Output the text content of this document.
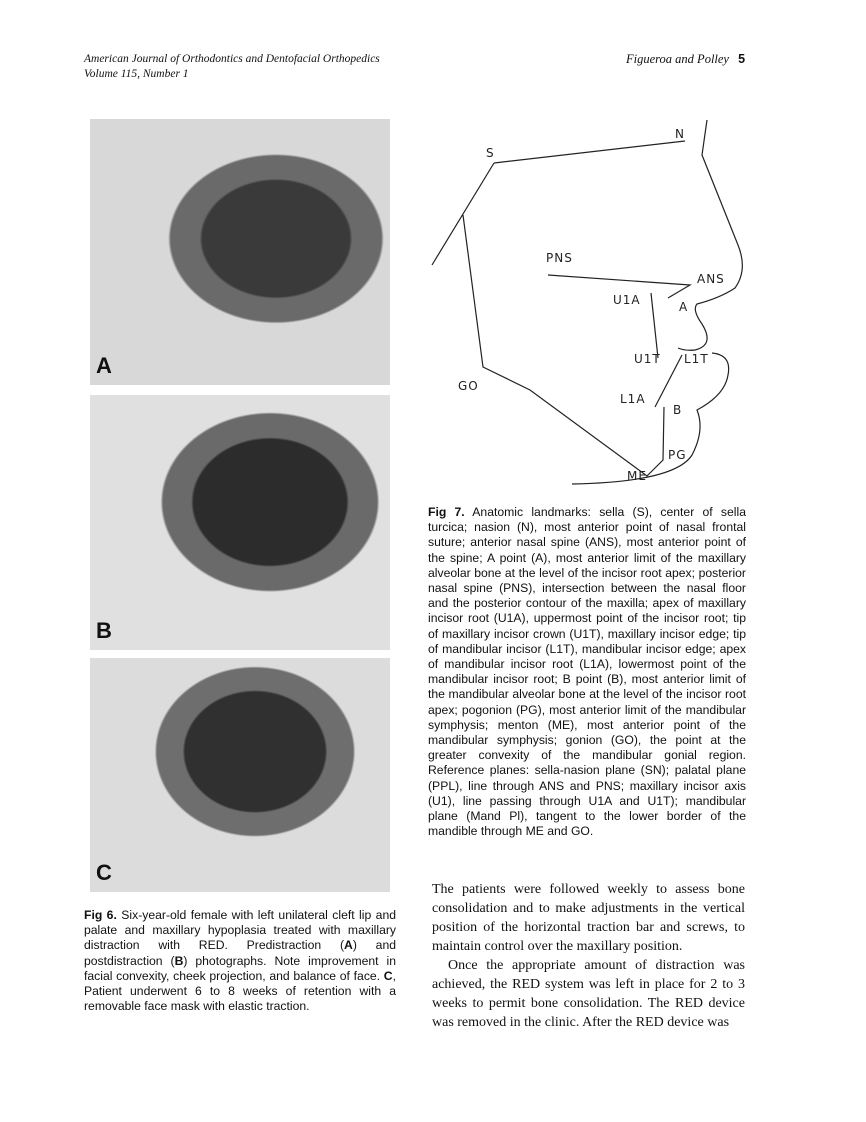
American Journal of Orthodontics and Dentofacial Orthopedics
Volume 115, Number 1
Figueroa and Polley 5
A
B
C
Fig 6. Six-year-old female with left unilateral cleft lip and palate and maxillary hypoplasia treated with maxillary distraction with RED. Predistraction (A) and postdistraction (B) photographs. Note improvement in facial convexity, cheek projection, and balance of face. C, Patient underwent 6 to 8 weeks of retention with a removable face mask with elastic traction.
N
S
PNS
ANS
U1A	A
U1T L1T
GO
L1A
B
PG
ME
Fig 7. Anatomic landmarks: sella (S), center of sella turcica; nasion (N), most anterior point of nasal frontal suture; anterior nasal spine (ANS), most anterior point of the spine; A point (A), most anterior limit of the maxillary alveolar bone at the level of the incisor root apex; posterior nasal spine (PNS), intersection between the nasal floor and the posterior contour of the maxilla; apex of maxillary incisor root (U1A), uppermost point of the incisor root; tip of maxillary incisor crown (U1T), maxillary incisor edge; tip of mandibular incisor (L1T), mandibular incisor edge; apex of mandibular incisor root (L1A), lowermost point of the mandibular incisor root; B point (B), most anterior limit of the mandibular alveolar bone at the level of the incisor root apex; pogonion (PG), most anterior limit of the mandibular symphysis; menton (ME), most anterior point of the mandibular symphysis; gonion (GO), the point at the greater convexity of the mandibular gonial region. Reference planes: sella-nasion plane (SN); palatal plane (PPL), line through ANS and PNS; maxillary incisor axis (U1), line passing through U1A and U1T); mandibular plane (Mand Pl), tangent to the lower border of the mandible through ME and GO.

The patients were followed weekly to assess bone consolidation and to make adjustments in the vertical position of the horizontal traction bar and screws, to maintain control over the maxillary position.

Once the appropriate amount of distraction was achieved, the RED system was left in place for 2 to 3 weeks to permit bone consolidation. The RED device was removed in the clinic. After the RED device was
